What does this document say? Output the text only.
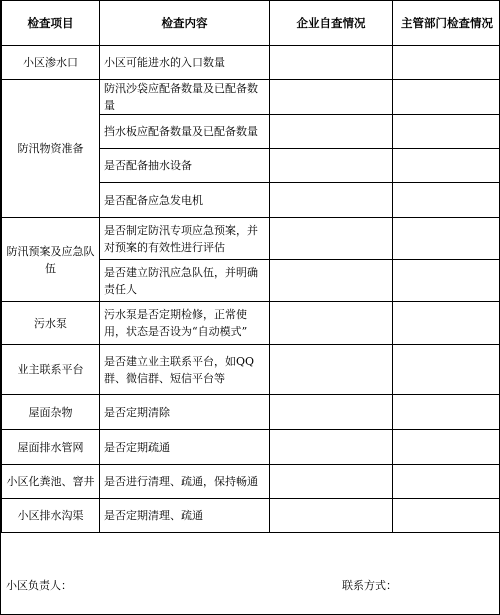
检查项目	检查内容	企业自查情况	主管部门检查情况
小区渗水口	小区可能进水的入口数量		
防汛物资准备	防汛沙袋应配备数量及已配备数量		
	挡水板应配备数量及已配备数量		
	是否配备抽水设备		
	是否配备应急发电机		
防汛预案及应急队伍	是否制定防汛专项应急预案，并对预案的有效性进行评估		
	是否建立防汛应急队伍，并明确责任人		
污水泵	污水泵是否定期检修，正常使用，状态是否设为“自动模式”		
业主联系平台	是否建立业主联系平台，如QQ群、微信群、短信平台等		
屋面杂物	是否定期清除		
屋面排水管网	是否定期疏通		
小区化粪池、窨井	是否进行清理、疏通，保持畅通		
小区排水沟渠	是否定期清理、疏通		
小区负责人：	联系方式：
